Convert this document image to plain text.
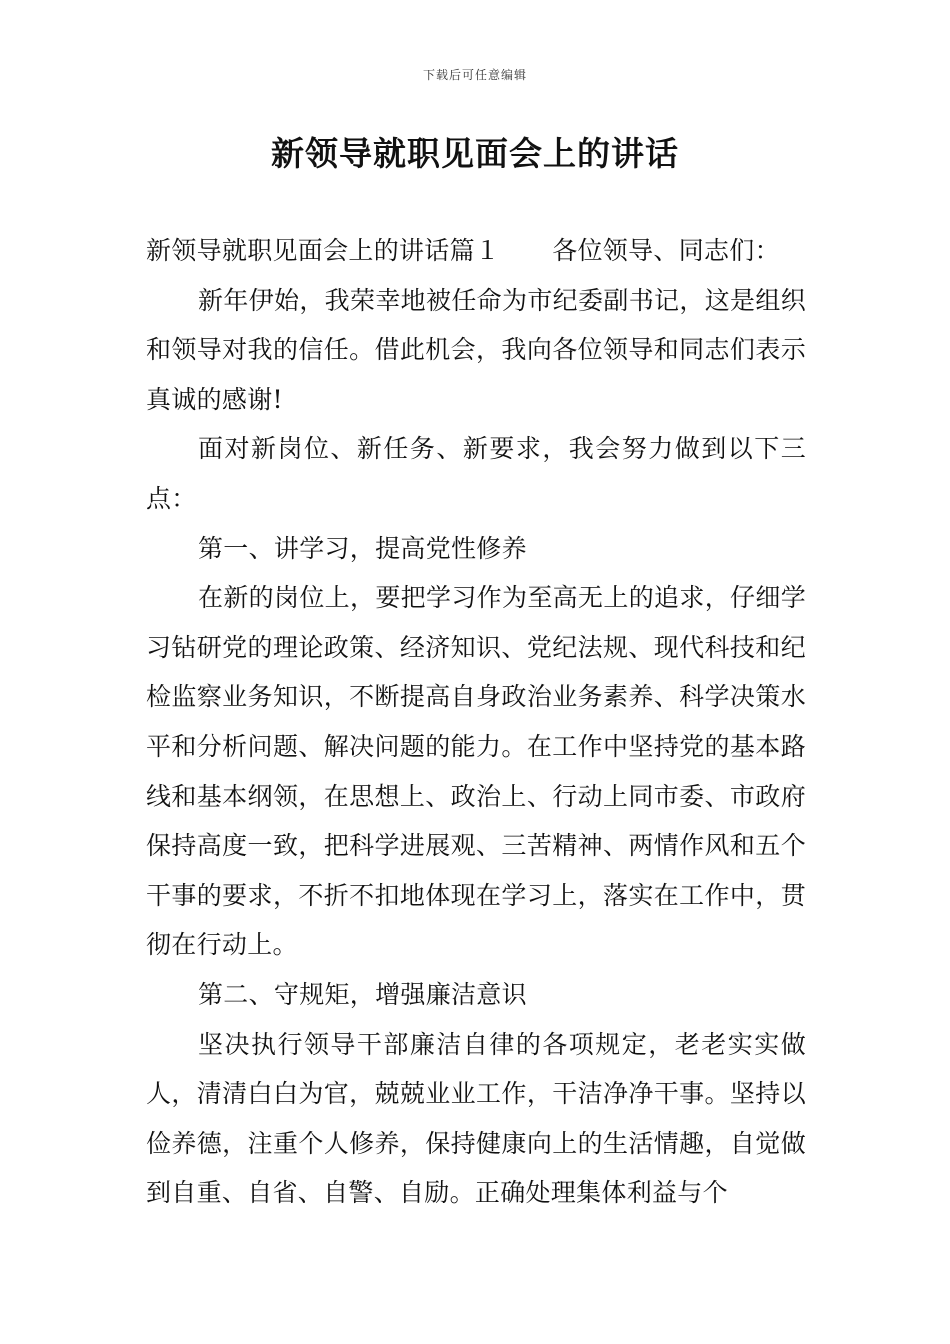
下载后可任意编辑
新领导就职见面会上的讲话

新领导就职见面会上的讲话篇１ 各位领导、同志们：

新年伊始，我荣幸地被任命为市纪委副书记，这是组织和领导对我的信任。借此机会，我向各位领导和同志们表示真诚的感谢!

面对新岗位、新任务、新要求，我会努力做到以下三点：

第一、讲学习，提高党性修养

在新的岗位上，要把学习作为至高无上的追求，仔细学习钻研党的理论政策、经济知识、党纪法规、现代科技和纪检监察业务知识，不断提高自身政治业务素养、科学决策水平和分析问题、解决问题的能力。在工作中坚持党的基本路线和基本纲领，在思想上、政治上、行动上同市委、市政府保持高度一致，把科学进展观、三苦精神、两情作风和五个干事的要求，不折不扣地体现在学习上，落实在工作中，贯彻在行动上。

第二、守规矩，增强廉洁意识

坚决执行领导干部廉洁自律的各项规定，老老实实做人，清清白白为官，兢兢业业工作，干洁净净干事。坚持以俭养德，注重个人修养，保持健康向上的生活情趣，自觉做到自重、自省、自警、自励。正确处理集体利益与个
